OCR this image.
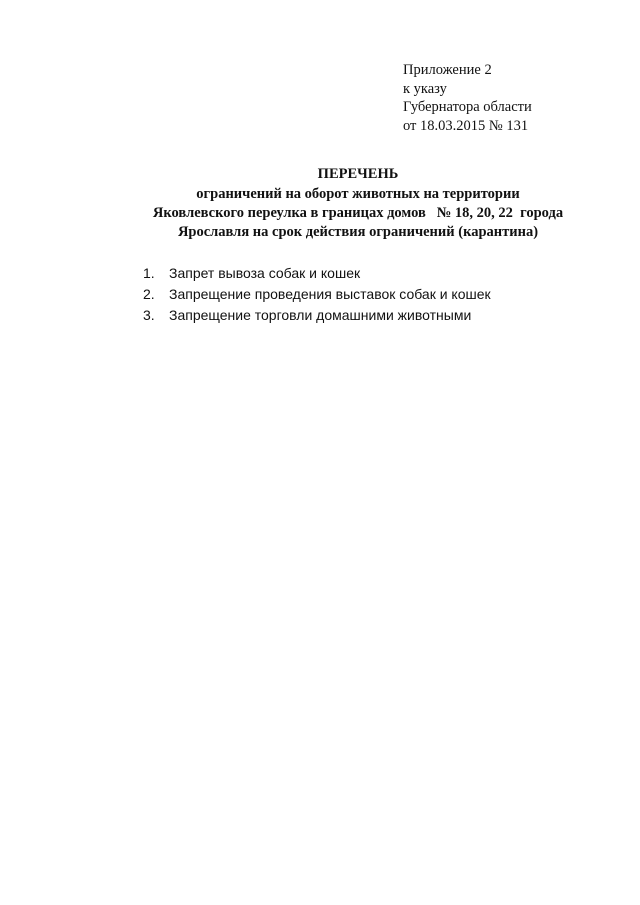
Приложение 2
к указу
Губернатора области
от 18.03.2015 № 131
ПЕРЕЧЕНЬ
ограничений на оборот животных на территории
Яковлевского переулка в границах домов   № 18, 20, 22  города
Ярославля на срок действия ограничений (карантина)
1.	Запрет вывоза собак и кошек
2.	Запрещение проведения выставок собак и кошек
3.	Запрещение торговли домашними животными
